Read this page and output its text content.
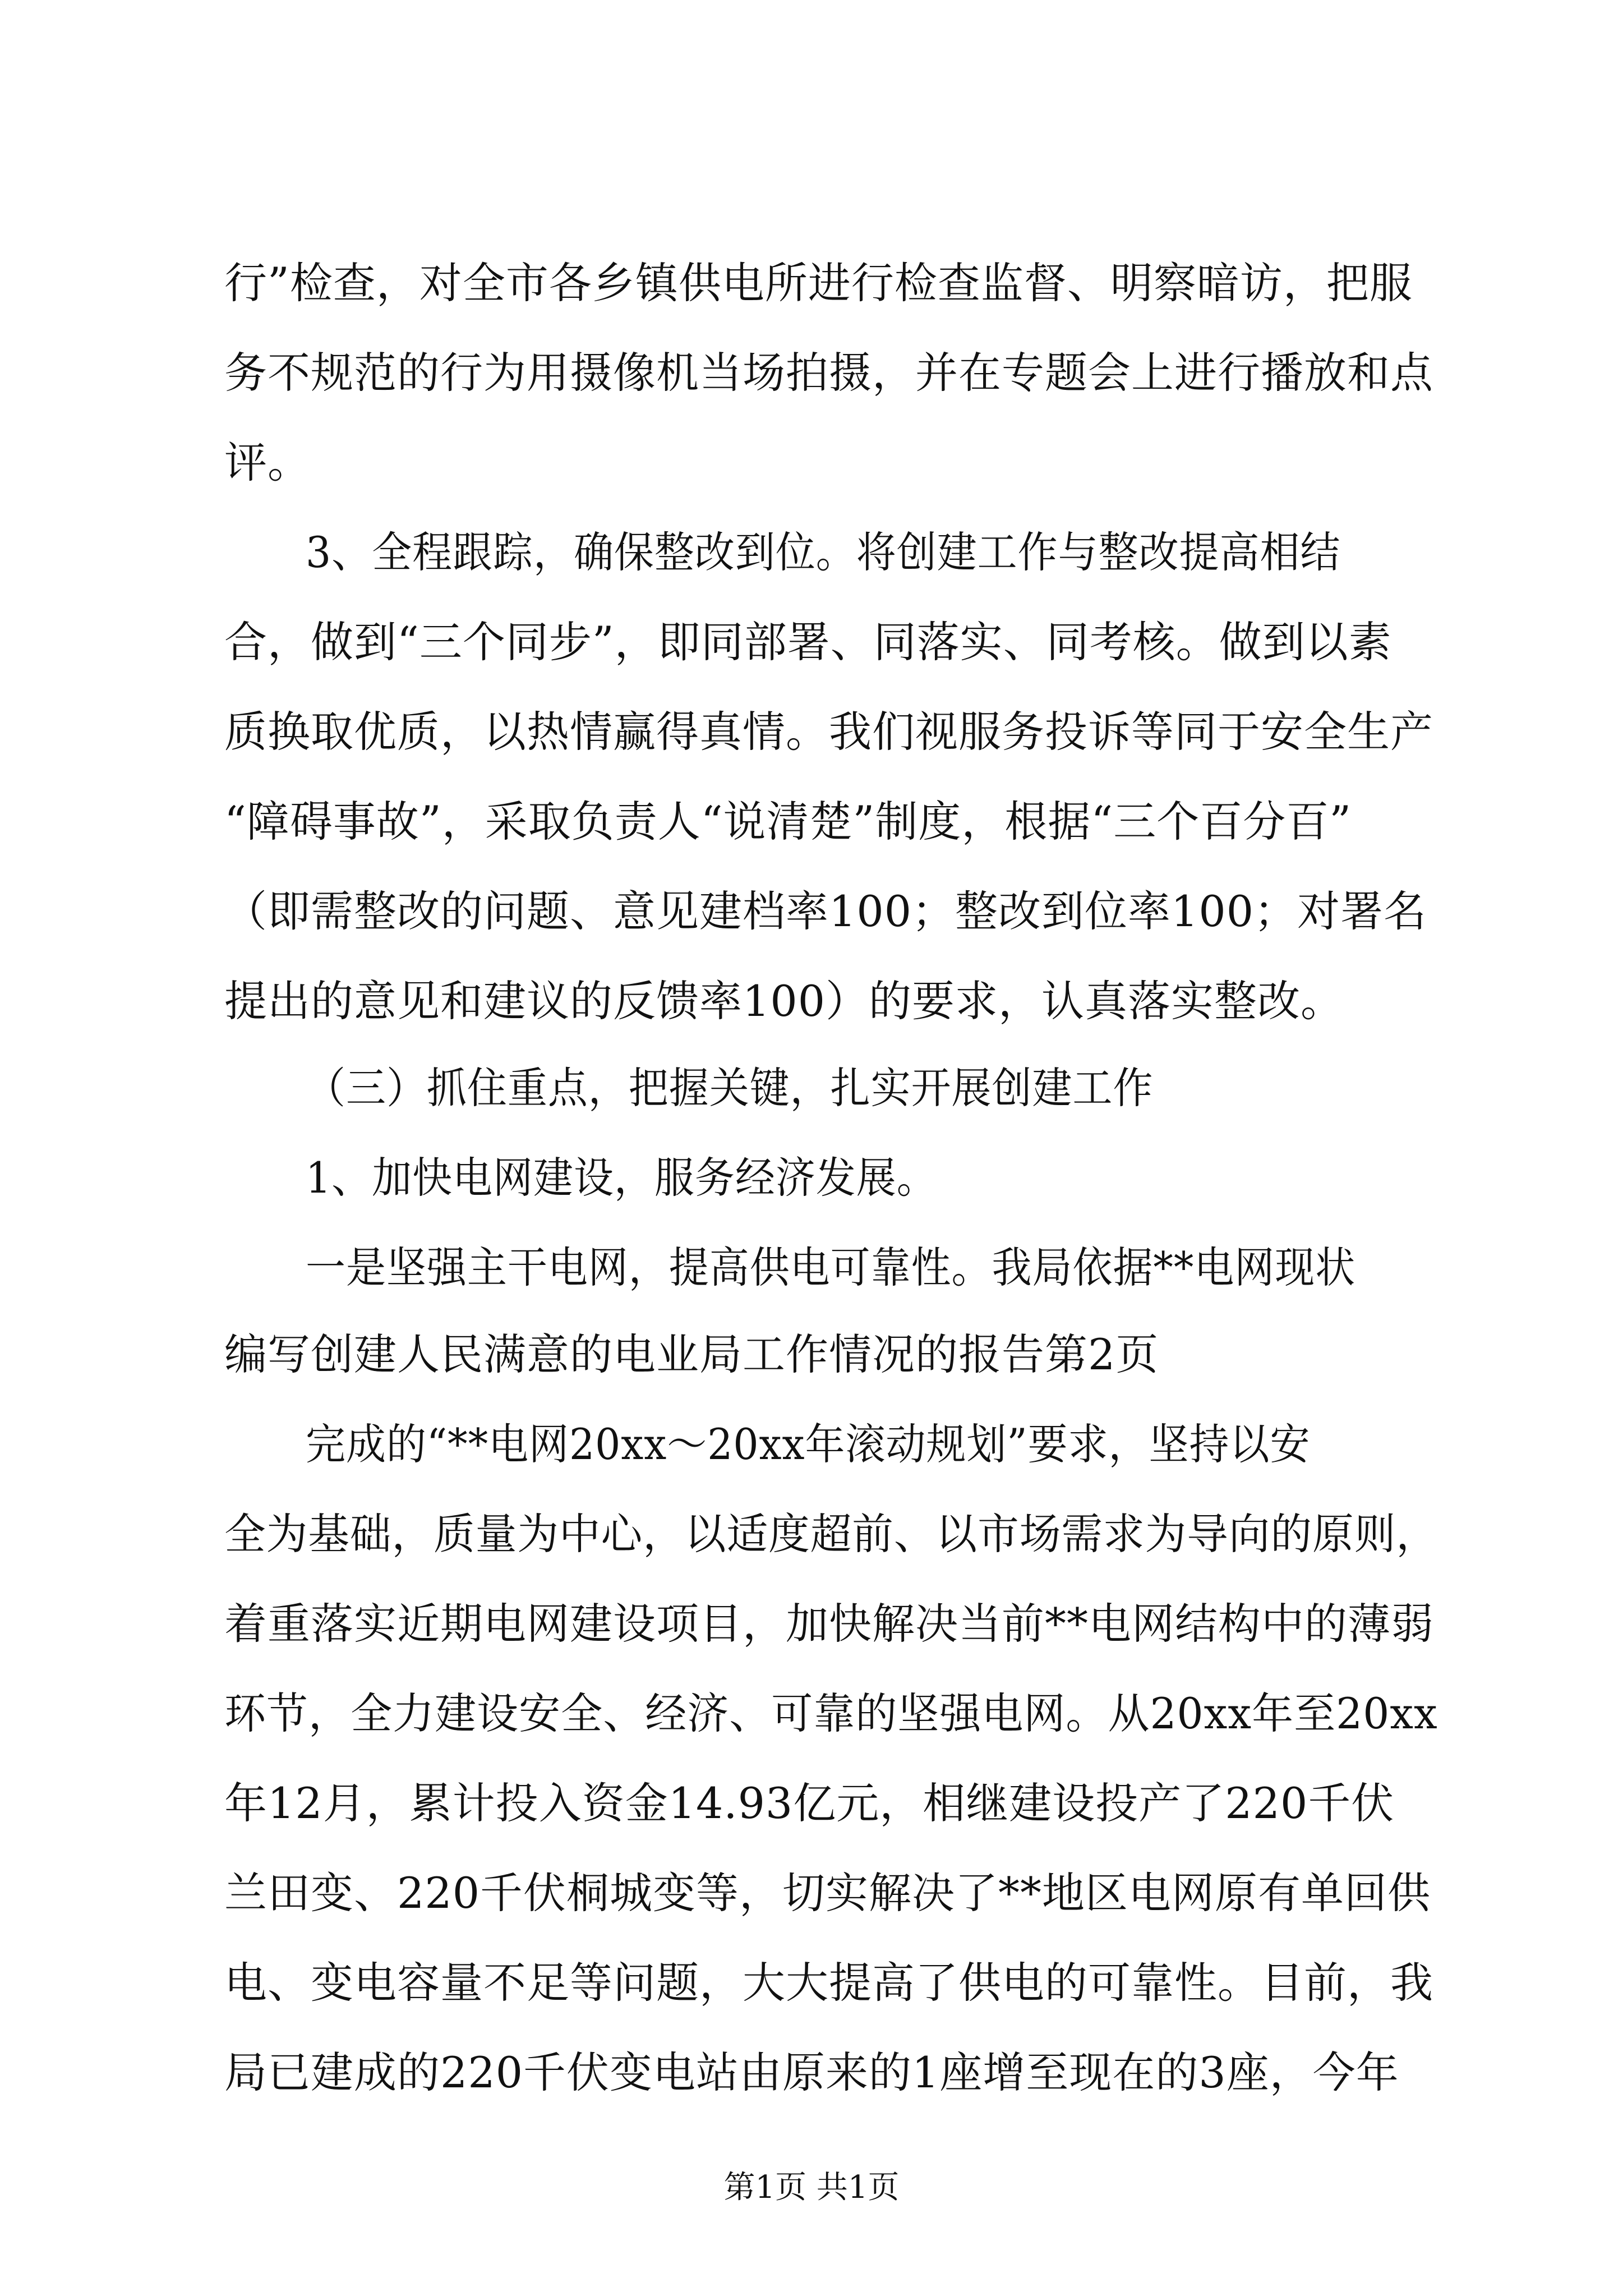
行”检查，对全市各乡镇供电所进行检查监督、明察暗访，把服
务不规范的行为用摄像机当场拍摄，并在专题会上进行播放和点
评。
3、全程跟踪，确保整改到位。将创建工作与整改提高相结
合，做到“三个同步”，即同部署、同落实、同考核。做到以素
质换取优质，以热情赢得真情。我们视服务投诉等同于安全生产
“障碍事故”，采取负责人“说清楚”制度，根据“三个百分百”
（即需整改的问题、意见建档率100；整改到位率100；对署名
提出的意见和建议的反馈率100）的要求，认真落实整改。
（三）抓住重点，把握关键，扎实开展创建工作
1、加快电网建设，服务经济发展。
一是坚强主干电网，提高供电可靠性。我局依据**电网现状
编写创建人民满意的电业局工作情况的报告第2页
完成的“**电网20xx～20xx年滚动规划”要求，坚持以安
全为基础，质量为中心，以适度超前、以市场需求为导向的原则，
着重落实近期电网建设项目，加快解决当前**电网结构中的薄弱
环节，全力建设安全、经济、可靠的坚强电网。从20xx年至20xx
年12月，累计投入资金14.93亿元，相继建设投产了220千伏
兰田变、220千伏桐城变等，切实解决了**地区电网原有单回供
电、变电容量不足等问题，大大提高了供电的可靠性。目前，我
局已建成的220千伏变电站由原来的1座增至现在的3座，今年
第1页 共1页
